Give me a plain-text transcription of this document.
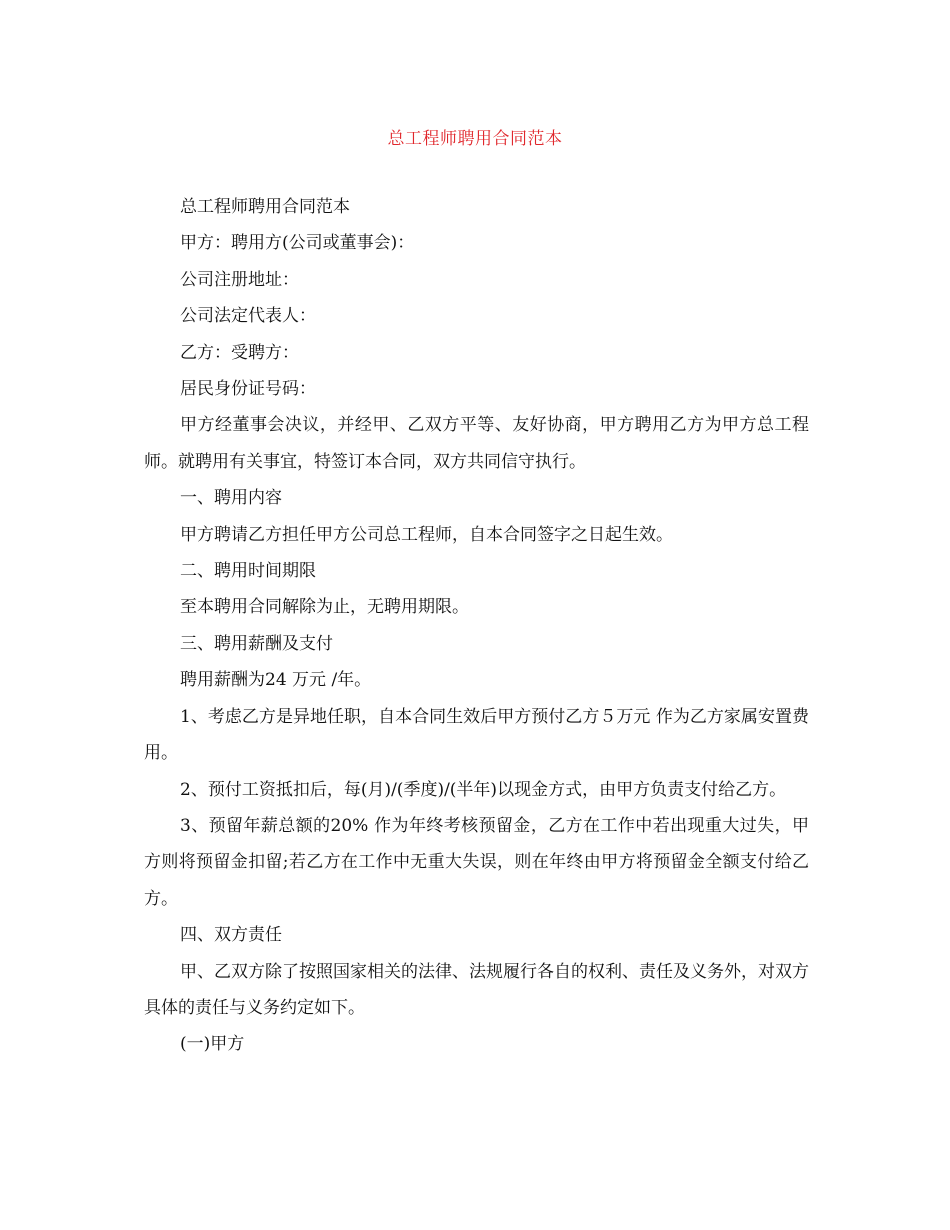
总工程师聘用合同范本

总工程师聘用合同范本

甲方：聘用方(公司或董事会)：

公司注册地址：

公司法定代表人：

乙方：受聘方：

居民身份证号码：

甲方经董事会决议，并经甲、乙双方平等、友好协商，甲方聘用乙方为甲方总工程师。就聘用有关事宜，特签订本合同，双方共同信守执行。

一、聘用内容

甲方聘请乙方担任甲方公司总工程师，自本合同签字之日起生效。

二、聘用时间期限

至本聘用合同解除为止，无聘用期限。

三、聘用薪酬及支付

聘用薪酬为24 万元 /年。

1、考虑乙方是异地任职，自本合同生效后甲方预付乙方５万元 作为乙方家属安置费用。

2、预付工资抵扣后，每(月)/(季度)/(半年)以现金方式，由甲方负责支付给乙方。

3、预留年薪总额的20% 作为年终考核预留金，乙方在工作中若出现重大过失，甲方则将预留金扣留;若乙方在工作中无重大失误，则在年终由甲方将预留金全额支付给乙方。

四、双方责任

甲、乙双方除了按照国家相关的法律、法规履行各自的权利、责任及义务外，对双方具体的责任与义务约定如下。

(一)甲方
